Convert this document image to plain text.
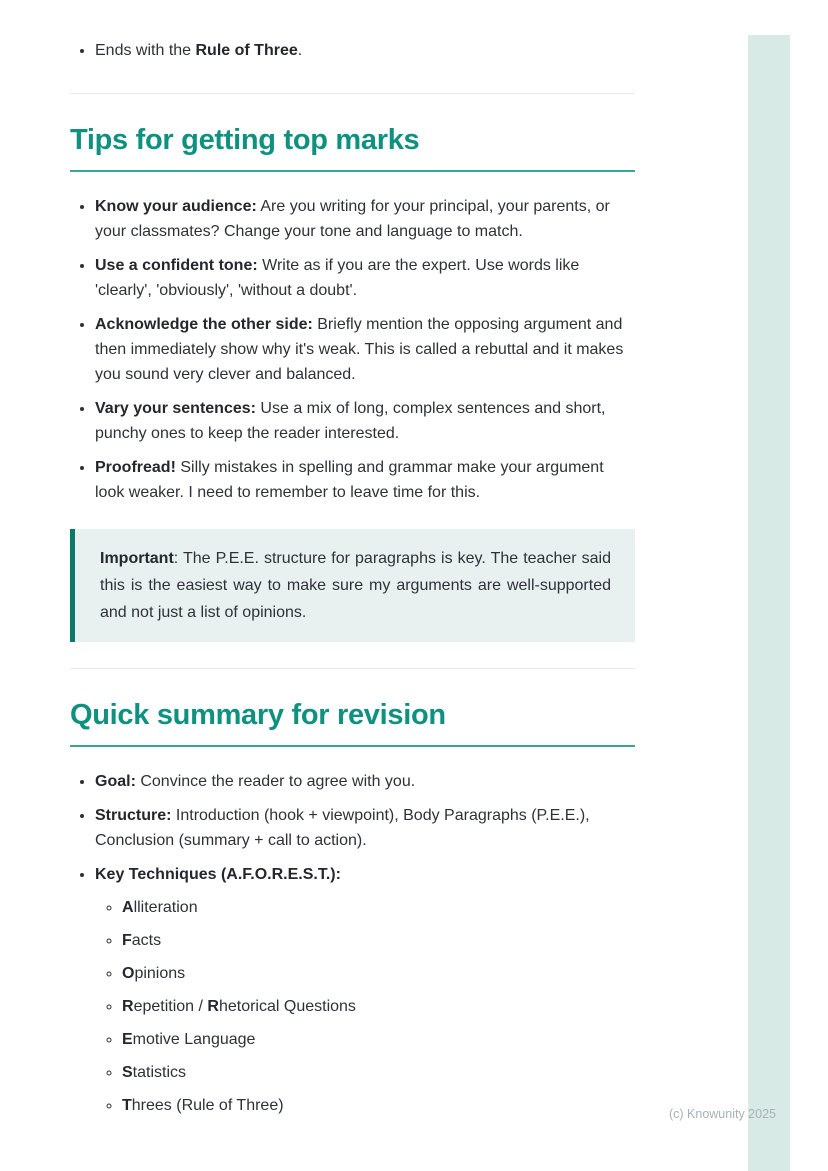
• Ends with the Rule of Three.
Tips for getting top marks
• Know your audience: Are you writing for your principal, your parents, or your classmates? Change your tone and language to match.
• Use a confident tone: Write as if you are the expert. Use words like 'clearly', 'obviously', 'without a doubt'.
• Acknowledge the other side: Briefly mention the opposing argument and then immediately show why it's weak. This is called a rebuttal and it makes you sound very clever and balanced.
• Vary your sentences: Use a mix of long, complex sentences and short, punchy ones to keep the reader interested.
• Proofread! Silly mistakes in spelling and grammar make your argument look weaker. I need to remember to leave time for this.

Important: The P.E.E. structure for paragraphs is key. The teacher said this is the easiest way to make sure my arguments are well-supported and not just a list of opinions.

Quick summary for revision
• Goal: Convince the reader to agree with you.
• Structure: Introduction (hook + viewpoint), Body Paragraphs (P.E.E.), Conclusion (summary + call to action).
• Key Techniques (A.F.O.R.E.S.T.):
◦ Alliteration
◦ Facts
◦ Opinions
◦ Repetition / Rhetorical Questions
◦ Emotive Language
◦ Statistics
◦ Threes (Rule of Three)	(c) Knowunity 2025
